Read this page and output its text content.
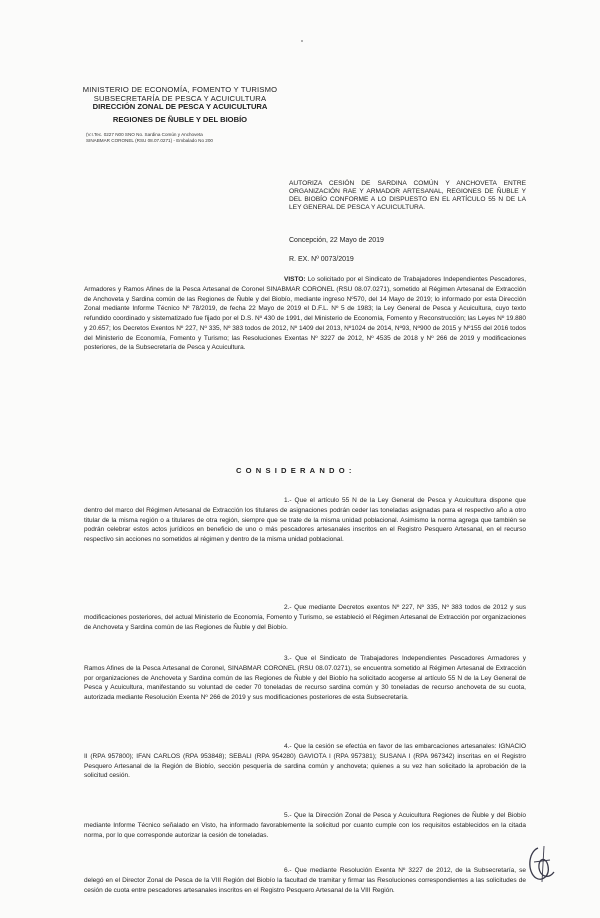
MINISTERIO DE ECONOMÍA, FOMENTO Y TURISMO
SUBSECRETARÍA DE PESCA Y ACUICULTURA
DIRECCIÓN ZONAL DE PESCA Y ACUICULTURA
REGIONES DE ÑUBLE Y DEL BIOBÍO
(V.I.Tec. 0227 N00 SNO No. Sardina Común y Anchoveta
SINABMAR CORONEL (RSU 08.07.0271) - Embalado No 200
AUTORIZA CESIÓN DE SARDINA COMÚN Y ANCHOVETA ENTRE ORGANIZACIÓN RAE Y ARMADOR ARTESANAL, REGIONES DE ÑUBLE Y DEL BIOBÍO CONFORME A LO DISPUESTO EN EL ARTÍCULO 55 N DE LA LEY GENERAL DE PESCA Y ACUICULTURA.
Concepción, 22 Mayo de 2019
R. EX. Nº 0073/2019
VISTO: Lo solicitado por el Sindicato de Trabajadores Independientes Pescadores, Armadores y Ramos Afines de la Pesca Artesanal de Coronel SINABMAR CORONEL (RSU 08.07.0271), sometido al Régimen Artesanal de Extracción de Anchoveta y Sardina común de las Regiones de Ñuble y del Biobío, mediante ingreso Nº570, del 14 Mayo de 2019; lo informado por esta Dirección Zonal mediante Informe Técnico Nº 78/2019, de fecha 22 Mayo de 2019 el D.F.L. Nº 5 de 1983; la Ley General de Pesca y Acuicultura, cuyo texto refundido coordinado y sistematizado fue fijado por el D.S. Nº 430 de 1991, del Ministerio de Economía, Fomento y Reconstrucción; las Leyes Nº 19.880 y 20.657; los Decretos Exentos Nº 227, Nº 335, Nº 383 todos de 2012, Nº 1409 del 2013, Nº1024 de 2014, Nº93, Nº900 de 2015 y Nº155 del 2016 todos del Ministerio de Economía, Fomento y Turismo; las Resoluciones Exentas Nº 3227 de 2012, Nº 4535 de 2018 y Nº 266 de 2019 y modificaciones posteriores, de la Subsecretaría de Pesca y Acuicultura.
CONSIDERANDO:
1.- Que el artículo 55 N de la Ley General de Pesca y Acuicultura dispone que dentro del marco del Régimen Artesanal de Extracción los titulares de asignaciones podrán ceder las toneladas asignadas para el respectivo año a otro titular de la misma región o a titulares de otra región, siempre que se trate de la misma unidad poblacional. Asimismo la norma agrega que también se podrán celebrar estos actos jurídicos en beneficio de uno o más pescadores artesanales inscritos en el Registro Pesquero Artesanal, en el recurso respectivo sin acciones no sometidos al régimen y dentro de la misma unidad poblacional.
2.- Que mediante Decretos exentos Nº 227, Nº 335, Nº 383 todos de 2012 y sus modificaciones posteriores, del actual Ministerio de Economía, Fomento y Turismo, se estableció el Régimen Artesanal de Extracción por organizaciones de Anchoveta y Sardina común de las Regiones de Ñuble y del Biobío.
3.- Que el Sindicato de Trabajadores Independientes Pescadores Armadores y Ramos Afines de la Pesca Artesanal de Coronel, SINABMAR CORONEL (RSU 08.07.0271), se encuentra sometido al Régimen Artesanal de Extracción por organizaciones de Anchoveta y Sardina común de las Regiones de Ñuble y del Biobío ha solicitado acogerse al artículo 55 N de la Ley General de Pesca y Acuicultura, manifestando su voluntad de ceder 70 toneladas de recurso sardina común y 30 toneladas de recurso anchoveta de su cuota, autorizada mediante Resolución Exenta Nº 266 de 2019 y sus modificaciones posteriores de esta Subsecretaría.
4.- Que la cesión se efectúa en favor de las embarcaciones artesanales: IGNACIO II (RPA 957800); IFAN CARLOS (RPA 953848); SEBALI (RPA 954280) GAVIOTA I (RPA 957381); SUSANA I (RPA 967342) inscritas en el Registro Pesquero Artesanal de la Región de Biobío, sección pesquería de sardina común y anchoveta; quienes a su vez han solicitado la aprobación de la solicitud cesión.
5.- Que la Dirección Zonal de Pesca y Acuicultura Regiones de Ñuble y del Biobío mediante Informe Técnico señalado en Visto, ha informado favorablemente la solicitud por cuanto cumple con los requisitos establecidos en la citada norma, por lo que corresponde autorizar la cesión de toneladas.
6.- Que mediante Resolución Exenta Nº 3227 de 2012, de la Subsecretaría, se delegó en el Director Zonal de Pesca de la VIII Región del Biobío la facultad de tramitar y firmar las Resoluciones correspondientes a las solicitudes de cesión de cuota entre pescadores artesanales inscritos en el Registro Pesquero Artesanal de la VIII Región.
